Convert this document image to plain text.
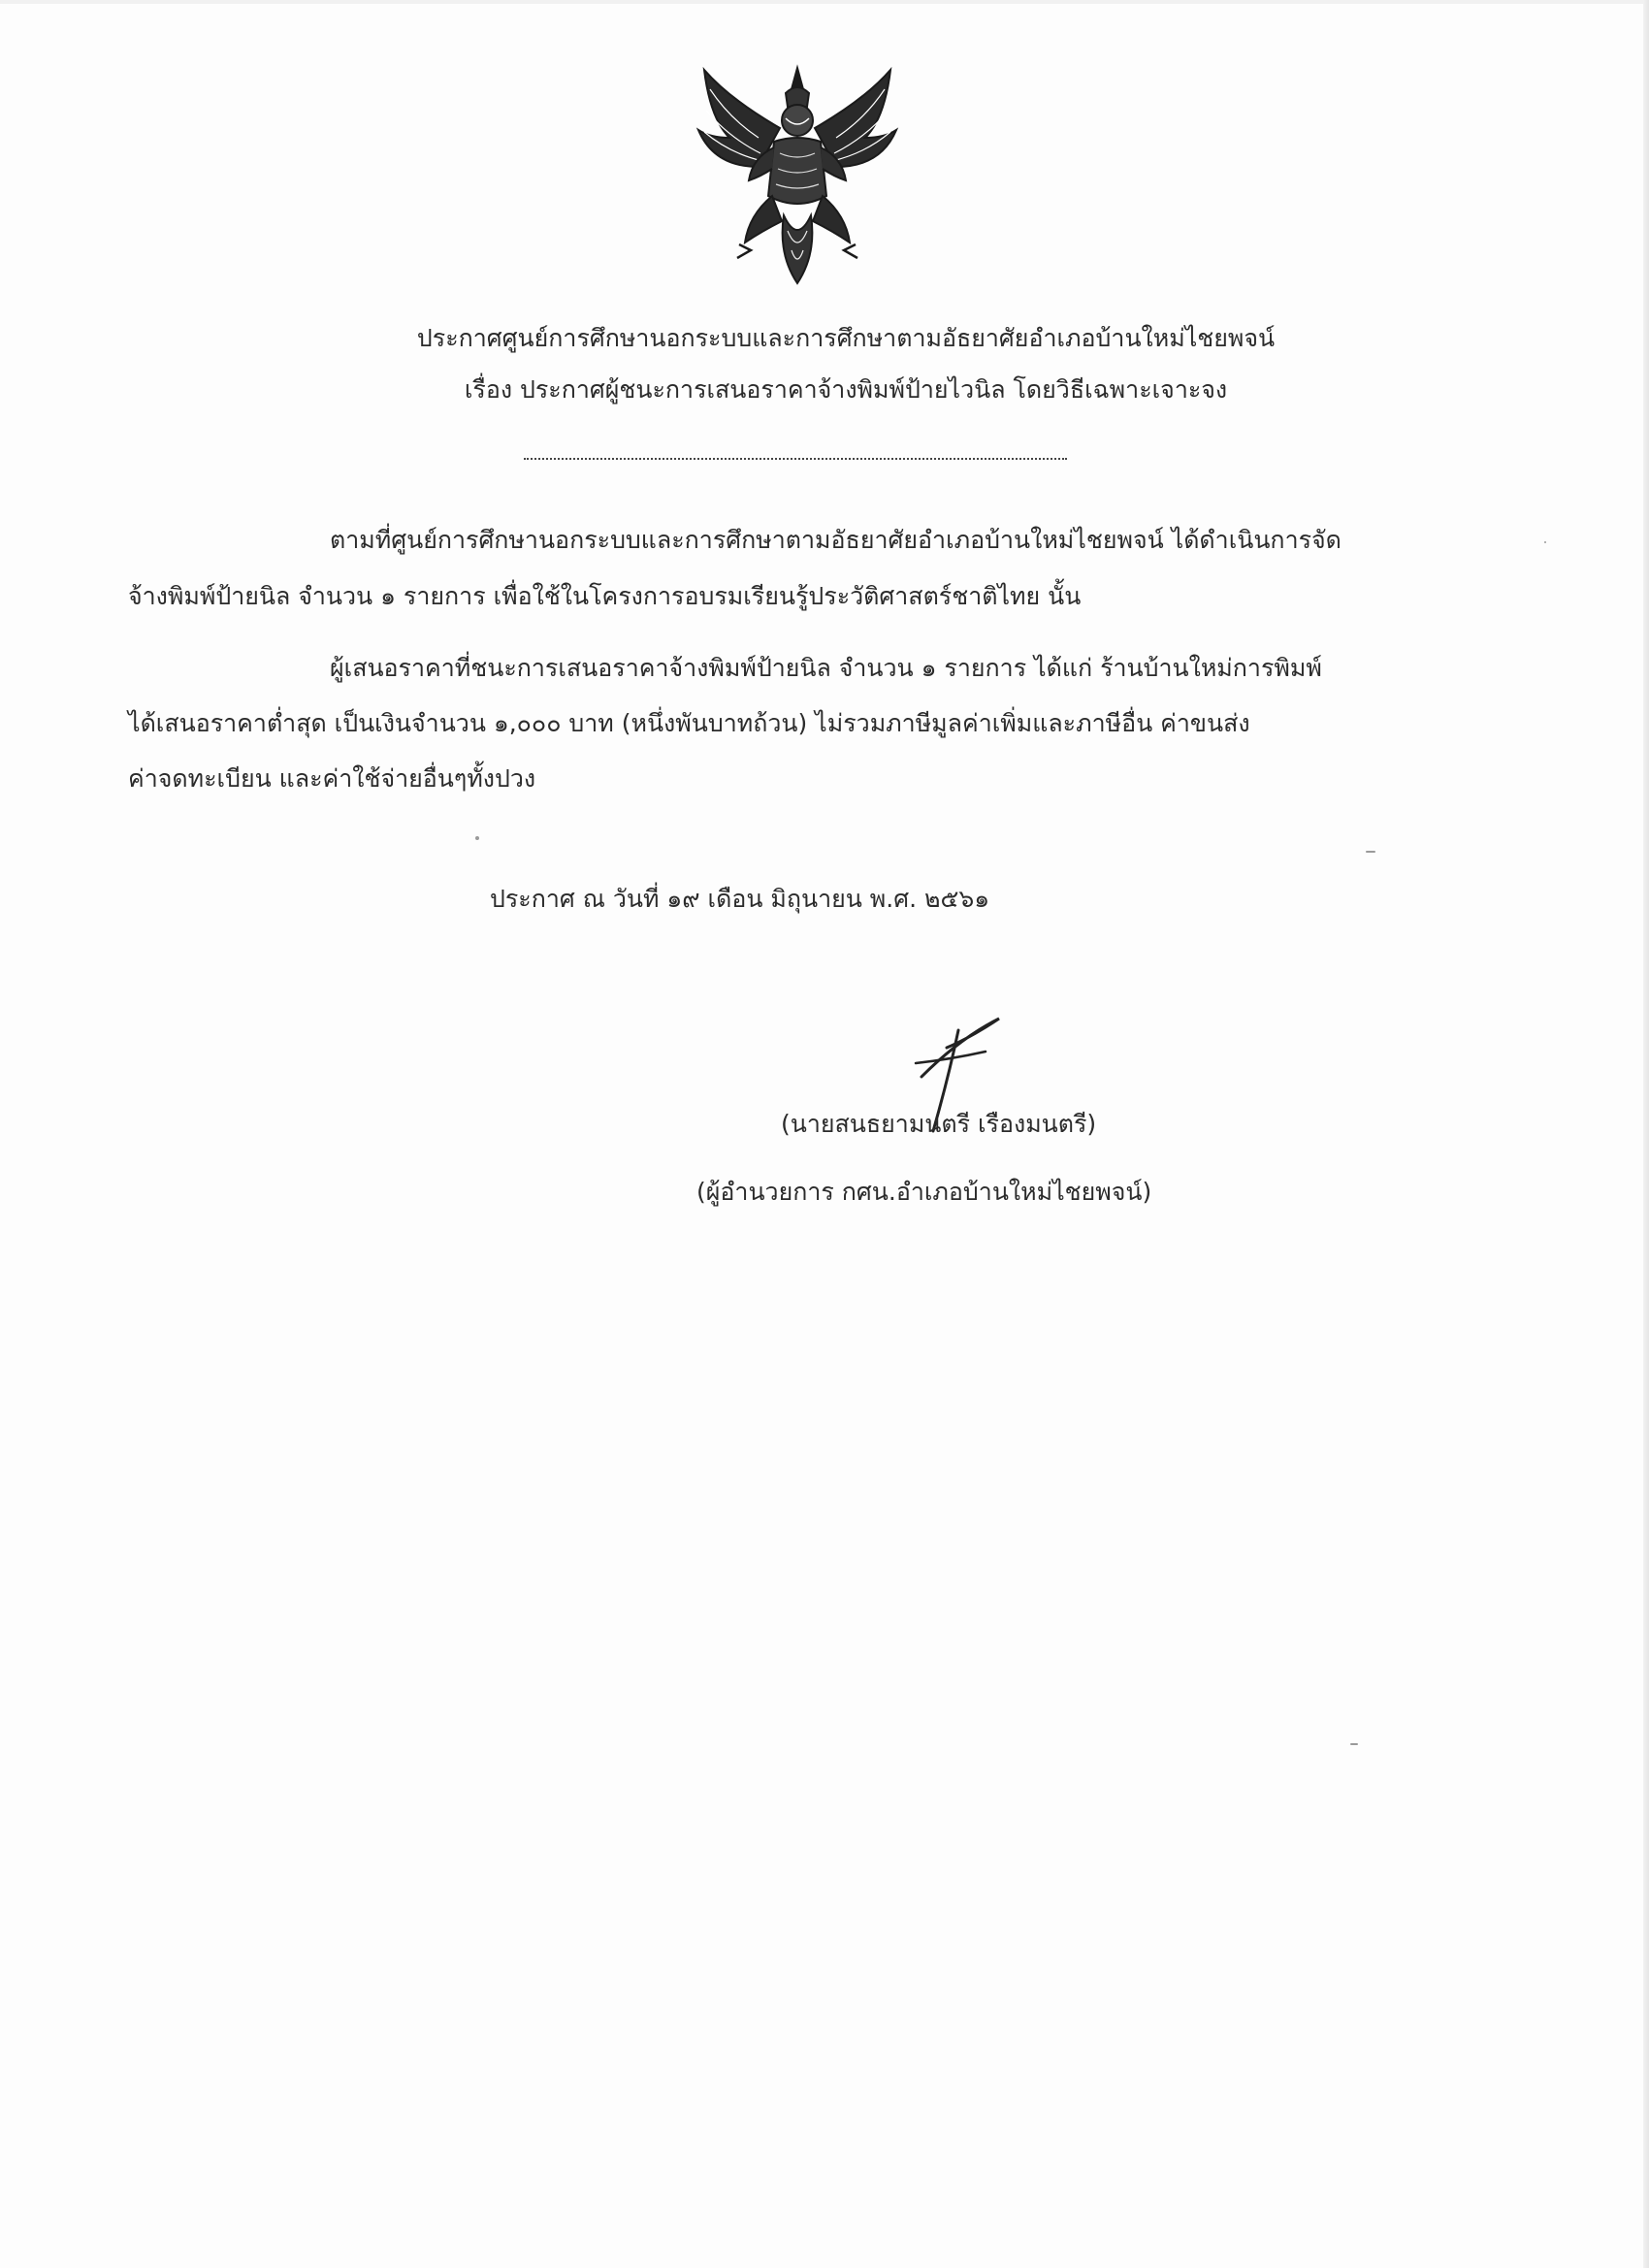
ประกาศศูนย์การศึกษานอกระบบและการศึกษาตามอัธยาศัยอำเภอบ้านใหม่ไชยพจน์
เรื่อง ประกาศผู้ชนะการเสนอราคาจ้างพิมพ์ป้ายไวนิล โดยวิธีเฉพาะเจาะจง
ตามที่ศูนย์การศึกษานอกระบบและการศึกษาตามอัธยาศัยอำเภอบ้านใหม่ไชยพจน์ ได้ดำเนินการจัด
จ้างพิมพ์ป้ายนิล จำนวน ๑ รายการ เพื่อใช้ในโครงการอบรมเรียนรู้ประวัติศาสตร์ชาติไทย นั้น
ผู้เสนอราคาที่ชนะการเสนอราคาจ้างพิมพ์ป้ายนิล จำนวน ๑ รายการ ได้แก่ ร้านบ้านใหม่การพิมพ์
ได้เสนอราคาต่ำสุด เป็นเงินจำนวน ๑,๐๐๐ บาท (หนึ่งพันบาทถ้วน) ไม่รวมภาษีมูลค่าเพิ่มและภาษีอื่น ค่าขนส่ง
ค่าจดทะเบียน และค่าใช้จ่ายอื่นๆทั้งปวง
ประกาศ ณ วันที่ ๑๙ เดือน มิถุนายน พ.ศ. ๒๕๖๑
(นายสนธยามนตรี เรืองมนตรี)
(ผู้อำนวยการ กศน.อำเภอบ้านใหม่ไชยพจน์)
